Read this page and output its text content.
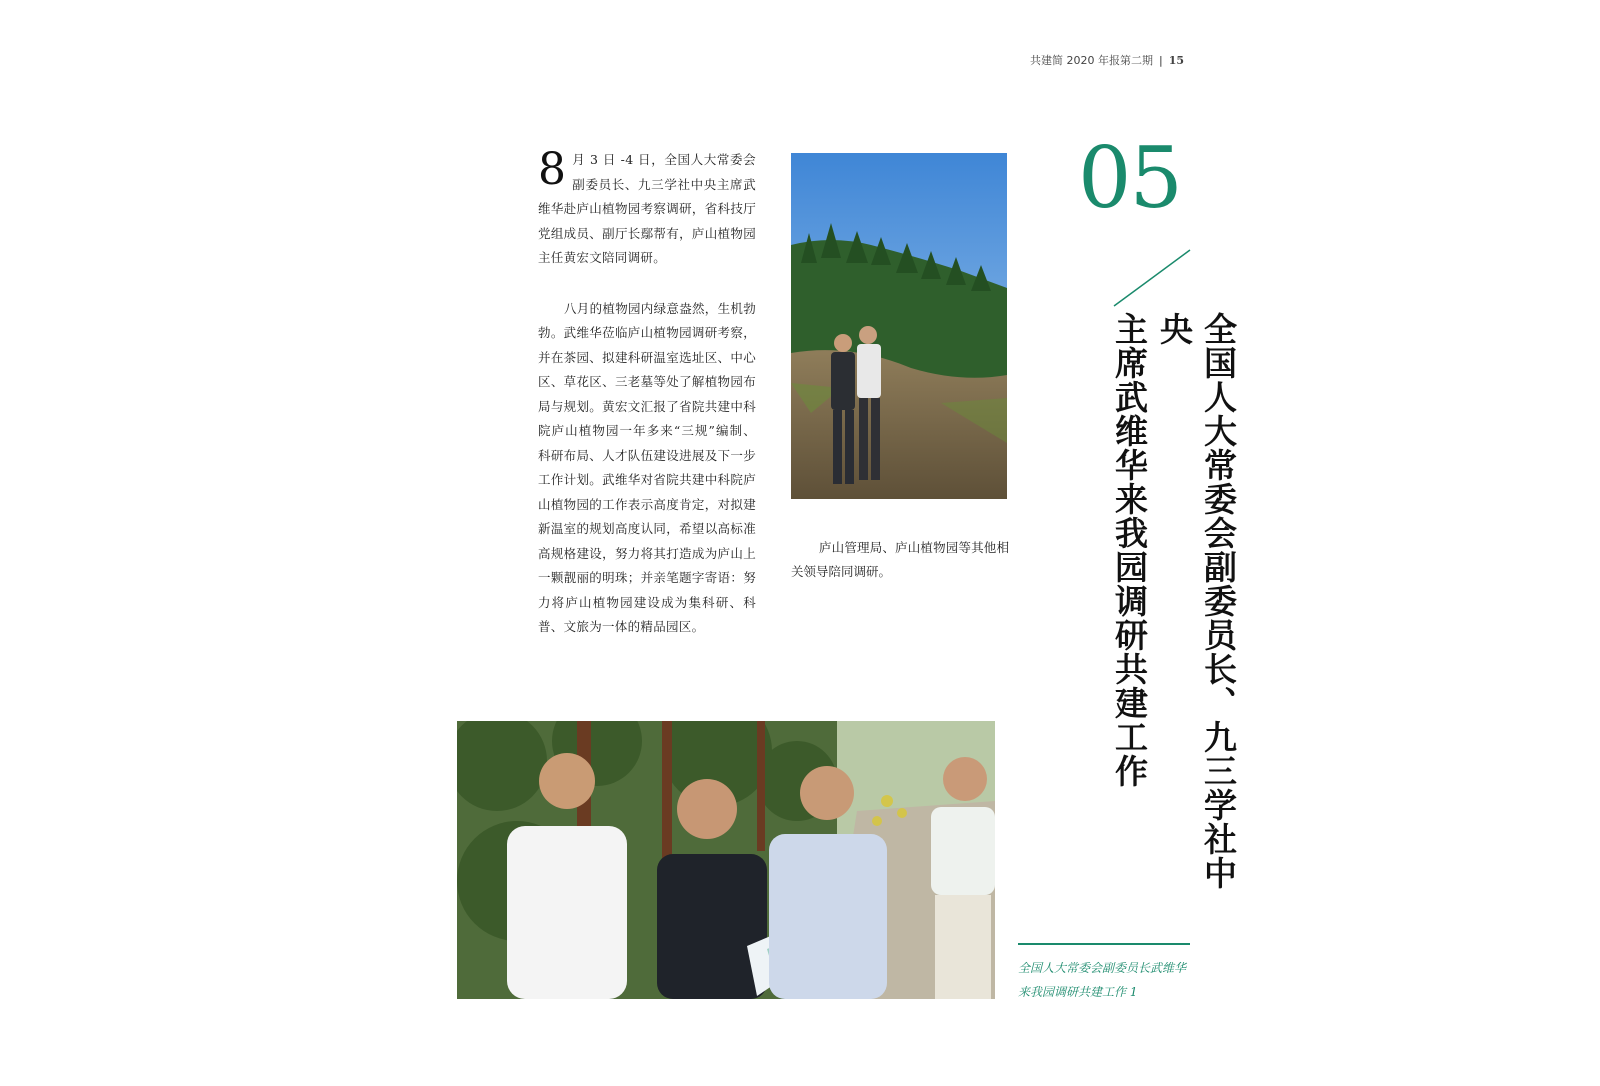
共建简 2020 年报第二期 | 15

8 月 3 日 -4 日，全国人大常委会副委员长、九三学社中央主席武维华赴庐山植物园考察调研，省科技厅党组成员、副厅长鄢帮有，庐山植物园主任黄宏文陪同调研。

八月的植物园内绿意盎然，生机勃勃。武维华莅临庐山植物园调研考察，并在茶园、拟建科研温室选址区、中心区、草花区、三老墓等处了解植物园布局与规划。黄宏文汇报了省院共建中科院庐山植物园一年多来“三规”编制、科研布局、人才队伍建设进展及下一步工作计划。武维华对省院共建中科院庐山植物园的工作表示高度肯定，对拟建新温室的规划高度认同，希望以高标准高规格建设，努力将其打造成为庐山上一颗靓丽的明珠；并亲笔题字寄语：努力将庐山植物园建设成为集科研、科普、文旅为一体的精品园区。

庐山管理局、庐山植物园等其他相关领导陪同调研。

05
全国人大常委会副委员长、九三学社中央
主席武维华来我园调研共建工作

全国人大常委会副委员长武维华来我园调研共建工作 1
